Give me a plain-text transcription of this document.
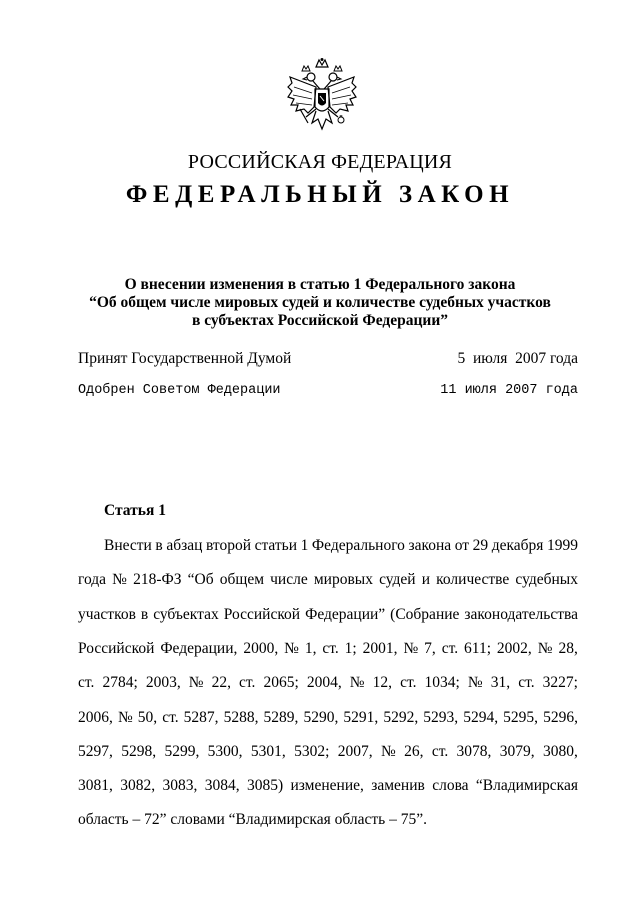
РОССИЙСКАЯ ФЕДЕРАЦИЯ
ФЕДЕРАЛЬНЫЙ ЗАКОН
О внесении изменения в статью 1 Федерального закона
“Об общем числе мировых судей и количестве судебных участков
в субъектах Российской Федерации”
Принят Государственной Думой	5  июля  2007 года
Одобрен Советом Федерации	11 июля 2007 года
Статья 1
Внести в абзац второй статьи 1 Федерального закона от 29 декабря 1999
года № 218-ФЗ “Об общем числе мировых судей и количестве судебных
участков в субъектах Российской Федерации” (Собрание законодательства
Российской Федерации, 2000, № 1, ст. 1; 2001, № 7, ст. 611; 2002, № 28,
ст. 2784; 2003, № 22, ст. 2065; 2004, № 12, ст. 1034; № 31, ст. 3227;
2006, № 50, ст. 5287, 5288, 5289, 5290, 5291, 5292, 5293, 5294, 5295, 5296,
5297, 5298, 5299, 5300, 5301, 5302; 2007, № 26, ст. 3078, 3079, 3080,
3081, 3082, 3083, 3084, 3085) изменение, заменив слова “Владимирская
область – 72” словами “Владимирская область – 75”.
